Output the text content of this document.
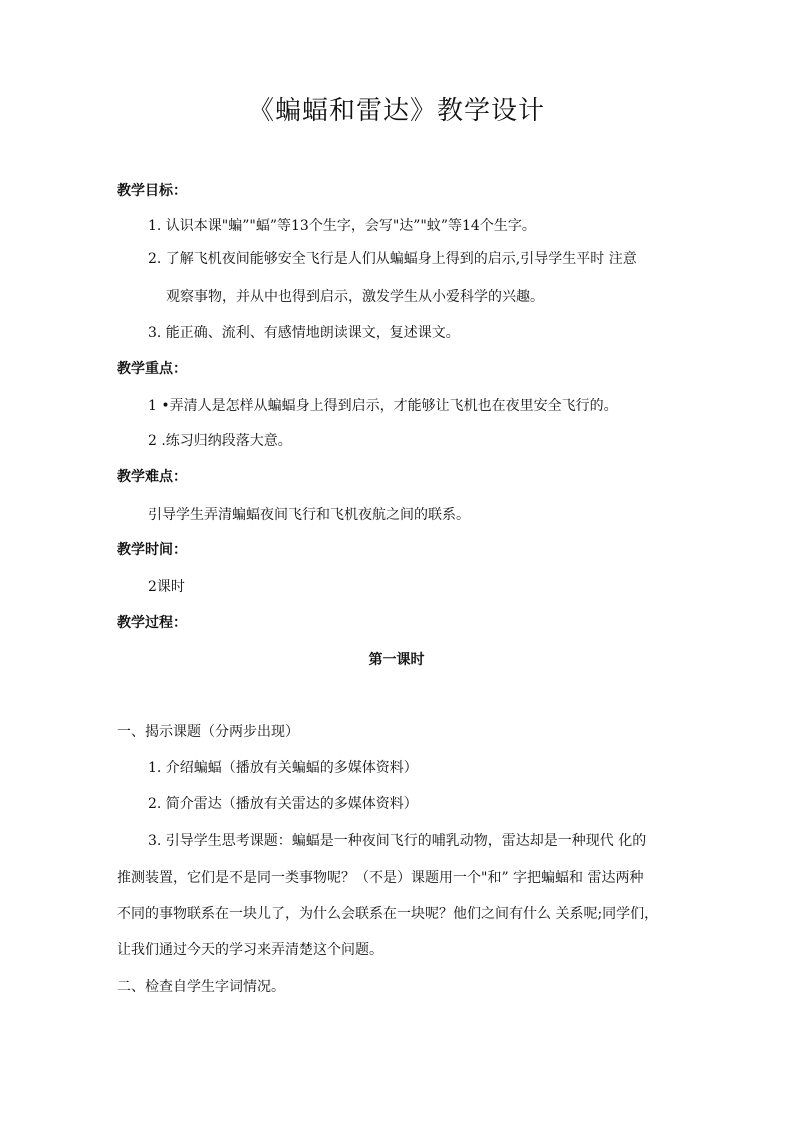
《蝙蝠和雷达》教学设计
教学目标：
1. 认识本课"蝙”"蝠”等13个生字，会写"达”"蚊”等14个生字。
2. 了解飞机夜间能够安全飞行是人们从蝙蝠身上得到的启示,引导学生平时 注意
观察事物，并从中也得到启示，激发学生从小爱科学的兴趣。
3. 能正确、流利、有感情地朗读课文，复述课文。
教学重点：
1 •弄清人是怎样从蝙蝠身上得到启示，才能够让飞机也在夜里安全飞行的。
2 .练习归纳段落大意。
教学难点：
引导学生弄清蝙蝠夜间飞行和飞机夜航之间的联系。
教学时间：
2课时
教学过程：
第一课时
一、揭示课题（分两步出现）
1. 介绍蝙蝠（播放有关蝙蝠的多媒体资料）
2. 简介雷达（播放有关雷达的多媒体资料）
3. 引导学生思考课题：蝙蝠是一种夜间飞行的哺乳动物，雷达却是一种现代 化的
推测装置，它们是不是同一类事物呢？（不是）课题用一个"和” 字把蝙蝠和 雷达两种
不同的事物联系在一块儿了，为什么会联系在一块呢？他们之间有什么 关系呢;同学们，
让我们通过今天的学习来弄清楚这个问题。
二、检查自学生字词情况。
